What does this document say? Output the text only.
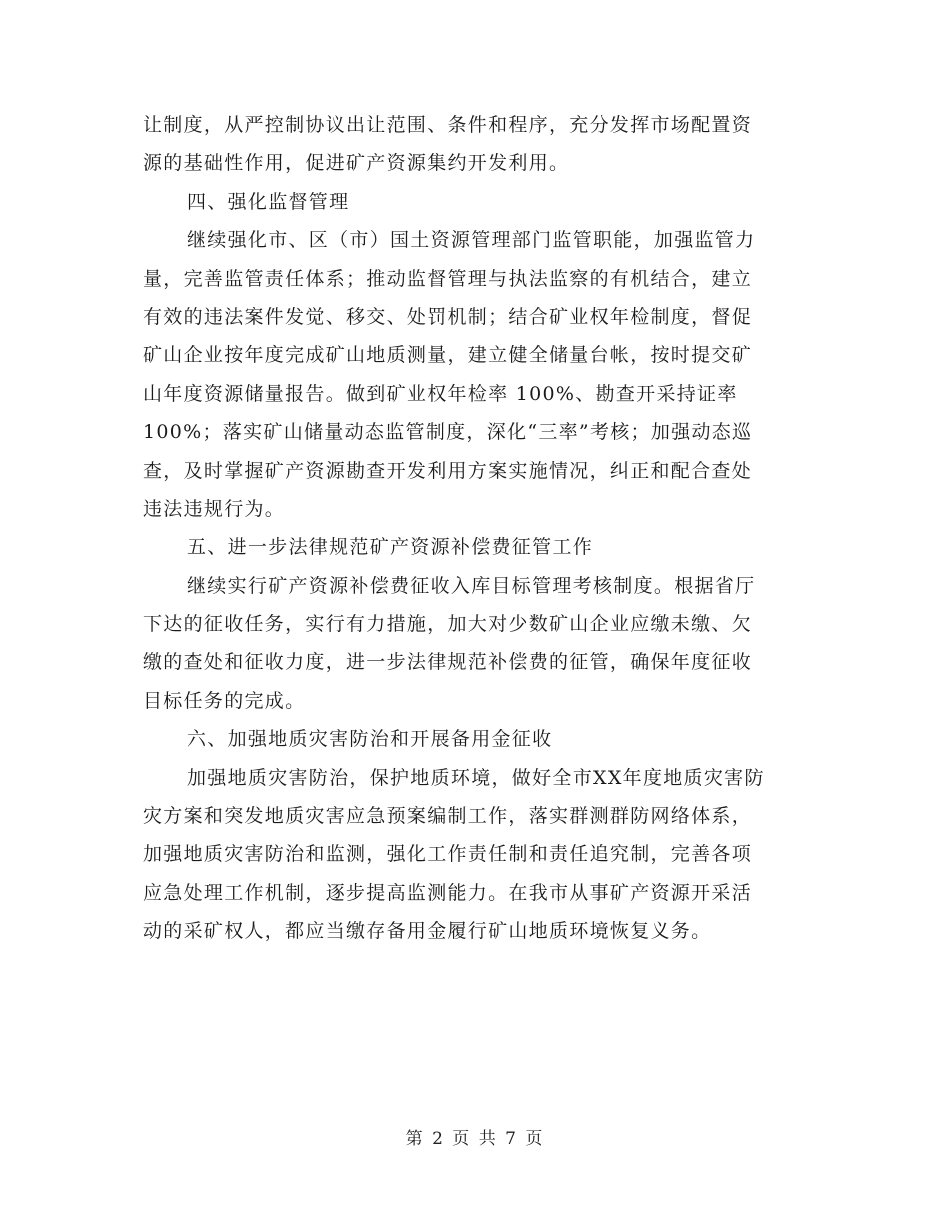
让制度，从严控制协议出让范围、条件和程序，充分发挥市场配置资
源的基础性作用，促进矿产资源集约开发利用。
四、强化监督管理
继续强化市、区（市）国土资源管理部门监管职能，加强监管力
量，完善监管责任体系；推动监督管理与执法监察的有机结合，建立
有效的违法案件发觉、移交、处罚机制；结合矿业权年检制度，督促
矿山企业按年度完成矿山地质测量，建立健全储量台帐，按时提交矿
山年度资源储量报告。做到矿业权年检率 100%、勘查开采持证率
100%；落实矿山储量动态监管制度，深化“三率”考核；加强动态巡
查，及时掌握矿产资源勘查开发利用方案实施情况，纠正和配合查处
违法违规行为。
五、进一步法律规范矿产资源补偿费征管工作
继续实行矿产资源补偿费征收入库目标管理考核制度。根据省厅
下达的征收任务，实行有力措施，加大对少数矿山企业应缴未缴、欠
缴的查处和征收力度，进一步法律规范补偿费的征管，确保年度征收
目标任务的完成。
六、加强地质灾害防治和开展备用金征收
加强地质灾害防治，保护地质环境，做好全市XX年度地质灾害防
灾方案和突发地质灾害应急预案编制工作，落实群测群防网络体系，
加强地质灾害防治和监测，强化工作责任制和责任追究制，完善各项
应急处理工作机制，逐步提高监测能力。在我市从事矿产资源开采活
动的采矿权人，都应当缴存备用金履行矿山地质环境恢复义务。
第 2 页 共 7 页
